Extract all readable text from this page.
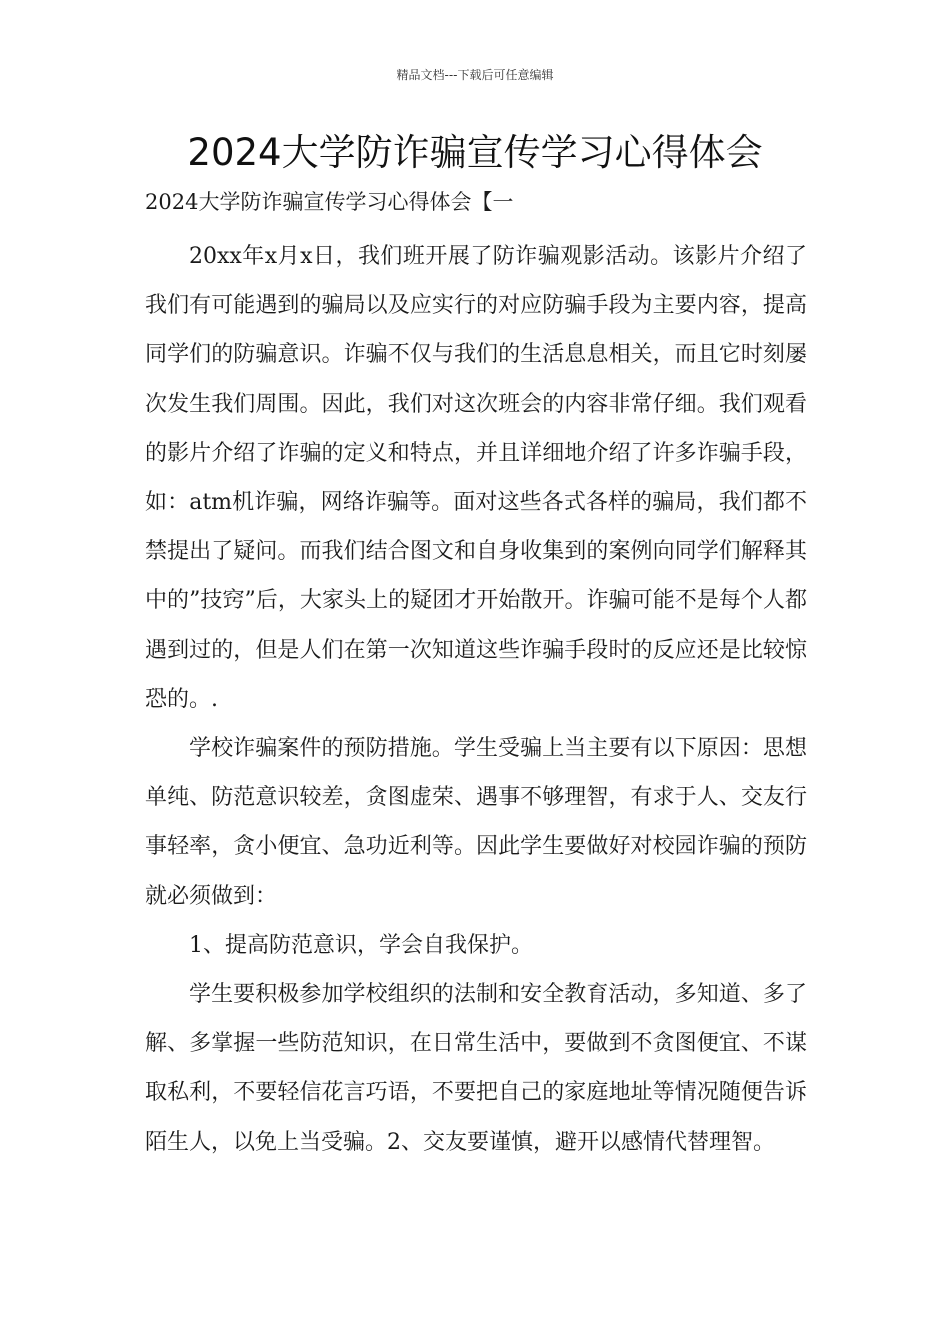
精品文档---下载后可任意编辑
2024大学防诈骗宣传学习心得体会

2024大学防诈骗宣传学习心得体会【一

20xx年x月x日，我们班开展了防诈骗观影活动。该影片介绍了我们有可能遇到的骗局以及应实行的对应防骗手段为主要内容，提高同学们的防骗意识。诈骗不仅与我们的生活息息相关，而且它时刻屡次发生我们周围。因此，我们对这次班会的内容非常仔细。我们观看的影片介绍了诈骗的定义和特点，并且详细地介绍了许多诈骗手段，如：atm机诈骗，网络诈骗等。面对这些各式各样的骗局，我们都不禁提出了疑问。而我们结合图文和自身收集到的案例向同学们解释其中的”技窍”后，大家头上的疑团才开始散开。诈骗可能不是每个人都遇到过的，但是人们在第一次知道这些诈骗手段时的反应还是比较惊恐的。.

学校诈骗案件的预防措施。学生受骗上当主要有以下原因：思想单纯、防范意识较差，贪图虚荣、遇事不够理智，有求于人、交友行事轻率，贪小便宜、急功近利等。因此学生要做好对校园诈骗的预防就必须做到：

1、提高防范意识，学会自我保护。

学生要积极参加学校组织的法制和安全教育活动，多知道、多了解、多掌握一些防范知识，在日常生活中，要做到不贪图便宜、不谋取私利，不要轻信花言巧语，不要把自己的家庭地址等情况随便告诉陌生人，以免上当受骗。2、交友要谨慎，避开以感情代替理智。
